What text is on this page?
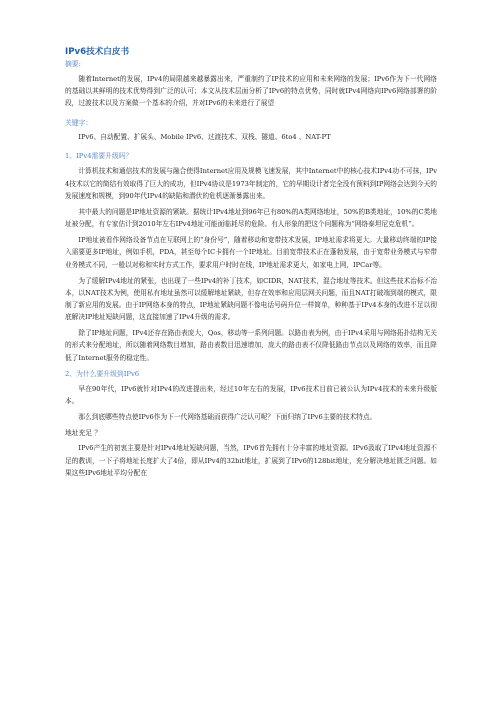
IPv6技术白皮书
摘要:

随着Internet的发展，IPv4的局限越来越暴露出来，严重制约了IP技术的应用和未来网络的发展；IPv6作为下一代网络的基础以其鲜明的技术优势得到广泛的认可；本文从技术层面分析了IPv6的特点优势，同时就IPv4网络向IPv6网络部署的阶段，过渡技术以及方案做一个基本的介绍，并对IPv6的未来进行了展望

关键字：

IPv6、自动配置、扩展头、Mobile IPv6、过渡技术、双栈、隧道、6to4 、NAT-PT

1、IPv4需要升级吗？

计算机技术和通信技术的发展与融合使得Internet应用及规模飞速发展，其中Internet中的核心技术IPv4功不可抹，IPv4技术以它的简结有效取得了巨大的成功，但IPv4协议是1973年制定的，它的早期设计者完全没有预料到IP网络会达到今天的发展速度和规模，到90年代IPv4的缺陷和潜伏的危机逐渐暴露出来。

其中最大的问题是IP地址资源的紧缺。据统计IPv4地址到96年已有80%的A类网络地址，50%的B类地址，10%的C类地址被分配，有专家估计到2010年左右IPv4地址可能面临耗尽的危险。有人形象的把这个问题称为“网络泰坦尼克危机“。

IP地址被看作网络设备节点在互联网上的“身份号”，随着移动和宽带技术发展，IP地址需求将更大。大量移动终端的IP接入需要更多IP地址，例如手机，PDA，甚至每个IC卡拥有一个IP地址。目前宽带技术正在蓬勃发展，由于宽带业务模式与窄带业务模式不同，一般以对称和实时方式工作，要求用户时时在线，IP地址需求更大，如家电上网，IPCar等。

为了缓解IPv4地址的紧张，也出现了一些IPv4的补丁技术，如CIDR，NAT技术，混合地址等技术。但这些技术治标不治本，以NAT技术为例，使用私有地址虽然可以缓解地址紧缺，但存在效率和应用层网关问题，而且NAT打破端到端的模式，限制了新应用的发展。由于IP网络本身的特点，IP地址紧缺问题不像电话号码升位一样简单，种种基于IPv4本身的改进不足以彻底解决IP地址短缺问题，这直接加速了IPv4升级的需求。

除了IP地址问题，IPv4还存在路由表庞大，Qos，移动等一系列问题。以路由表为例，由于IPv4采用与网络拓扑结构无关的形式来分配地址，所以随着网络数目增加，路由表数目迅速增加，庞大的路由表不仅降低路由节点以及网络的效率，而且降低了Internet服务的稳定性。

2、为什么要升级到IPv6

早在90年代，IPv6就针对IPv4的改进提出来，经过10年左右的发展，IPv6技术目前已被公认为IPv4技术的未来升级版本。

那么到底哪些特点使IPv6作为下一代网络基础而获得广泛认可呢？下面归纳了IPv6主要的技术特点。

地址充足 ？

IPv6产生的初衷主要是针对IPv4地址短缺问题，当然，IPv6首先拥有十分丰富的地址资源。IPv6汲取了IPv4地址资源不足的教训，一下子将地址长度扩大了4倍，即从IPv4的32bit地址，扩展到了IPv6的128bit地址，充分解决地址匮乏问题。如果这些IPv6地址平均分配在
